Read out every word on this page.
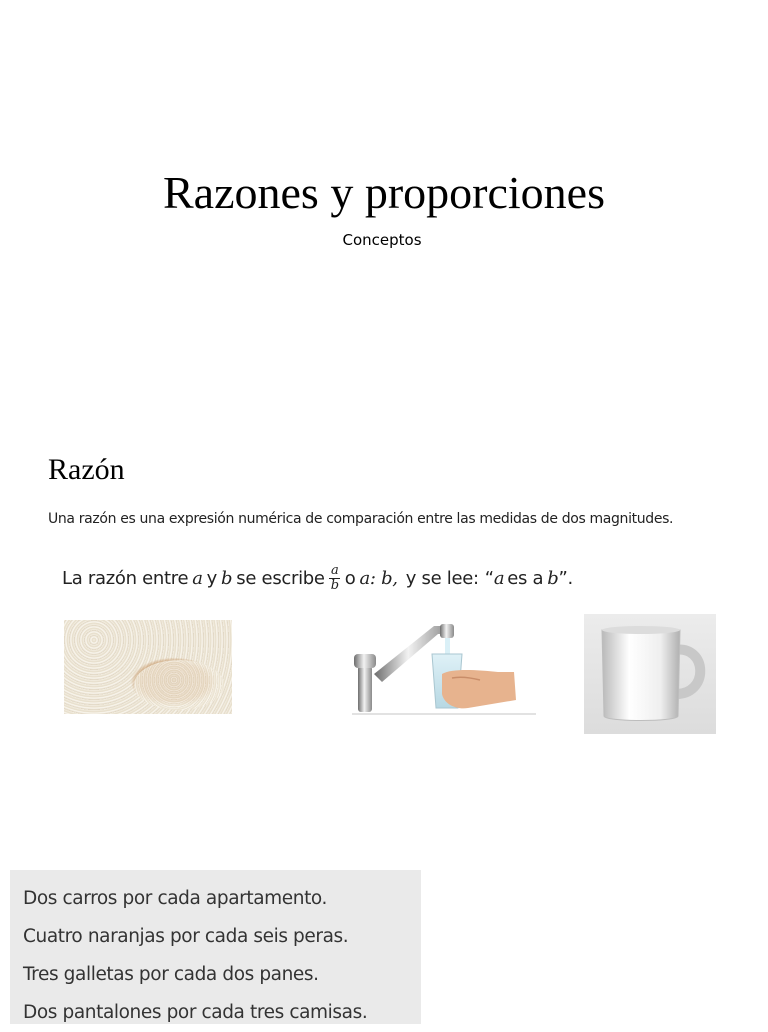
Razones y proporciones
Conceptos
Razón
Una razón es una expresión numérica de comparación entre las medidas de dos magnitudes.
La razón entre a y b se escribe $\frac{a}{b}$ o a: b, y se lee: “ a es a b ”.
Dos carros por cada apartamento.
Cuatro naranjas por cada seis peras.
Tres galletas por cada dos panes.
Dos pantalones por cada tres camisas.
